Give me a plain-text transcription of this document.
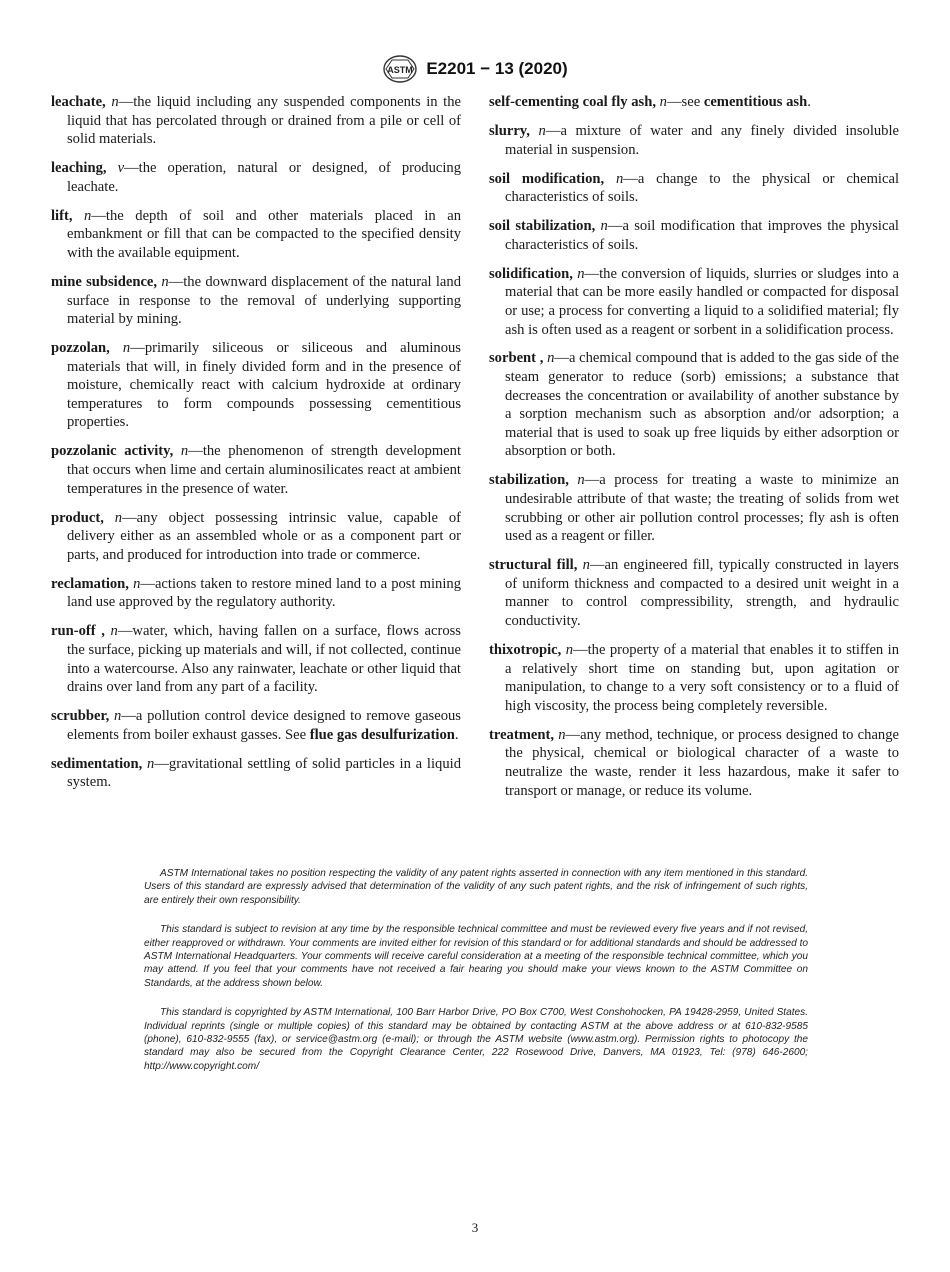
ASTM E2201 − 13 (2020)

leachate, n—the liquid including any suspended components in the liquid that has percolated through or drained from a pile or cell of solid materials.

leaching, v—the operation, natural or designed, of producing leachate.

lift, n—the depth of soil and other materials placed in an embankment or fill that can be compacted to the specified density with the available equipment.

mine subsidence, n—the downward displacement of the natural land surface in response to the removal of underlying supporting material by mining.

pozzolan, n—primarily siliceous or siliceous and aluminous materials that will, in finely divided form and in the presence of moisture, chemically react with calcium hydroxide at ordinary temperatures to form compounds possessing cementitious properties.

pozzolanic activity, n—the phenomenon of strength development that occurs when lime and certain aluminosilicates react at ambient temperatures in the presence of water.

product, n—any object possessing intrinsic value, capable of delivery either as an assembled whole or as a component part or parts, and produced for introduction into trade or commerce.

reclamation, n—actions taken to restore mined land to a post mining land use approved by the regulatory authority.

run-off , n—water, which, having fallen on a surface, flows across the surface, picking up materials and will, if not collected, continue into a watercourse. Also any rainwater, leachate or other liquid that drains over land from any part of a facility.

scrubber, n—a pollution control device designed to remove gaseous elements from boiler exhaust gasses. See flue gas desulfurization.

sedimentation, n—gravitational settling of solid particles in a liquid system.

self-cementing coal fly ash, n—see cementitious ash.

slurry, n—a mixture of water and any finely divided insoluble material in suspension.

soil modification, n—a change to the physical or chemical characteristics of soils.

soil stabilization, n—a soil modification that improves the physical characteristics of soils.

solidification, n—the conversion of liquids, slurries or sludges into a material that can be more easily handled or compacted for disposal or use; a process for converting a liquid to a solidified material; fly ash is often used as a reagent or sorbent in a solidification process.

sorbent , n—a chemical compound that is added to the gas side of the steam generator to reduce (sorb) emissions; a substance that decreases the concentration or availability of another substance by a sorption mechanism such as absorption and/or adsorption; a material that is used to soak up free liquids by either adsorption or absorption or both.

stabilization, n—a process for treating a waste to minimize an undesirable attribute of that waste; the treating of solids from wet scrubbing or other air pollution control processes; fly ash is often used as a reagent or filler.

structural fill, n—an engineered fill, typically constructed in layers of uniform thickness and compacted to a desired unit weight in a manner to control compressibility, strength, and hydraulic conductivity.

thixotropic, n—the property of a material that enables it to stiffen in a relatively short time on standing but, upon agitation or manipulation, to change to a very soft consistency or to a fluid of high viscosity, the process being completely reversible.

treatment, n—any method, technique, or process designed to change the physical, chemical or biological character of a waste to neutralize the waste, render it less hazardous, make it safer to transport or manage, or reduce its volume.

ASTM International takes no position respecting the validity of any patent rights asserted in connection with any item mentioned in this standard. Users of this standard are expressly advised that determination of the validity of any such patent rights, and the risk of infringement of such rights, are entirely their own responsibility.

This standard is subject to revision at any time by the responsible technical committee and must be reviewed every five years and if not revised, either reapproved or withdrawn. Your comments are invited either for revision of this standard or for additional standards and should be addressed to ASTM International Headquarters. Your comments will receive careful consideration at a meeting of the responsible technical committee, which you may attend. If you feel that your comments have not received a fair hearing you should make your views known to the ASTM Committee on Standards, at the address shown below.

This standard is copyrighted by ASTM International, 100 Barr Harbor Drive, PO Box C700, West Conshohocken, PA 19428-2959, United States. Individual reprints (single or multiple copies) of this standard may be obtained by contacting ASTM at the above address or at 610-832-9585 (phone), 610-832-9555 (fax), or service@astm.org (e-mail); or through the ASTM website (www.astm.org). Permission rights to photocopy the standard may also be secured from the Copyright Clearance Center, 222 Rosewood Drive, Danvers, MA 01923, Tel: (978) 646-2600; http://www.copyright.com/

3
